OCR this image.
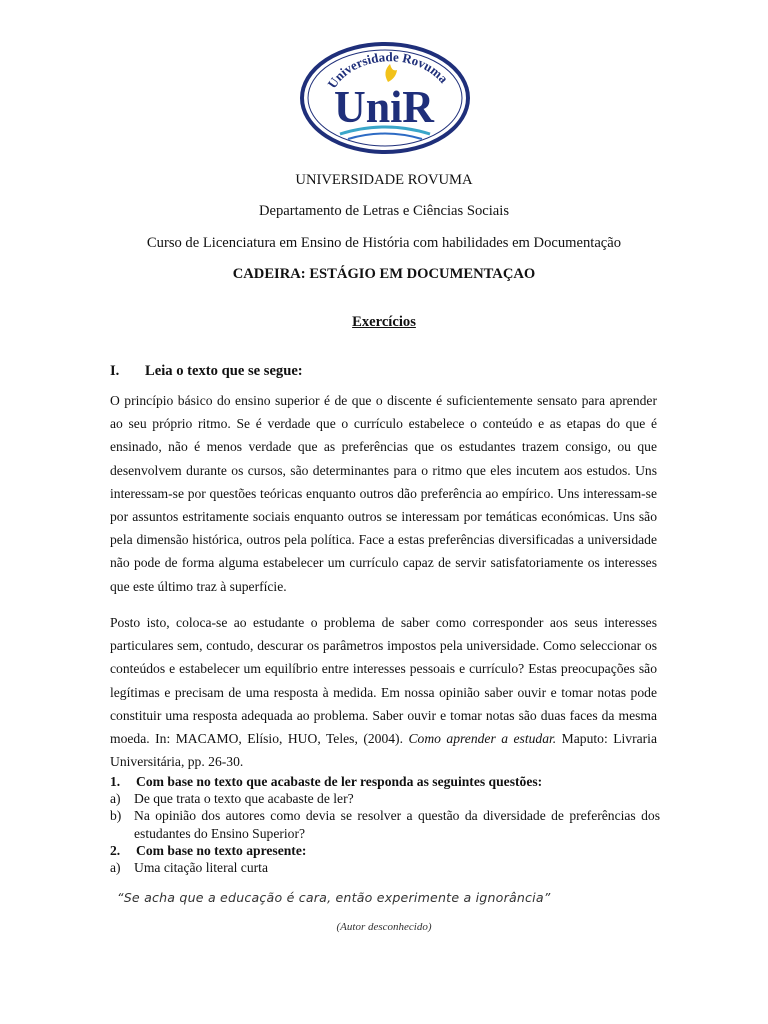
Universidade Rovuma
UniR
UNIVERSIDADE ROVUMA
Departamento de Letras e Ciências Sociais
Curso de Licenciatura em Ensino de História com habilidades em Documentação
CADEIRA: ESTÁGIO EM DOCUMENTAÇAO
Exercícios
I. Leia o texto que se segue:

O princípio básico do ensino superior é de que o discente é suficientemente sensato para aprender ao seu próprio ritmo. Se é verdade que o currículo estabelece o conteúdo e as etapas do que é ensinado, não é menos verdade que as preferências que os estudantes trazem consigo, ou que desenvolvem durante os cursos, são determinantes para o ritmo que eles incutem aos estudos. Uns interessam-se por questões teóricas enquanto outros dão preferência ao empírico. Uns interessam-se por assuntos estritamente sociais enquanto outros se interessam por temáticas económicas. Uns são pela dimensão histórica, outros pela política. Face a estas preferências diversificadas a universidade não pode de forma alguma estabelecer um currículo capaz de servir satisfatoriamente os interesses que este último traz à superfície.

Posto isto, coloca-se ao estudante o problema de saber como corresponder aos seus interesses particulares sem, contudo, descurar os parâmetros impostos pela universidade. Como seleccionar os conteúdos e estabelecer um equilíbrio entre interesses pessoais e currículo? Estas preocupações são legítimas e precisam de uma resposta à medida. Em nossa opinião saber ouvir e tomar notas pode constituir uma resposta adequada ao problema. Saber ouvir e tomar notas são duas faces da mesma moeda. In: MACAMO, Elísio, HUO, Teles, (2004). Como aprender a estudar. Maputo: Livraria Universitária, pp. 26-30.

1.	Com base no texto que acabaste de ler responda as seguintes questões:
a) De que trata o texto que acabaste de ler?
b) Na opinião dos autores como devia se resolver a questão da diversidade de preferências dos estudantes do Ensino Superior?
2.	Com base no texto apresente:
a) Uma citação literal curta
“Se acha que a educação é cara, então experimente a ignorância”
(Autor desconhecido)
